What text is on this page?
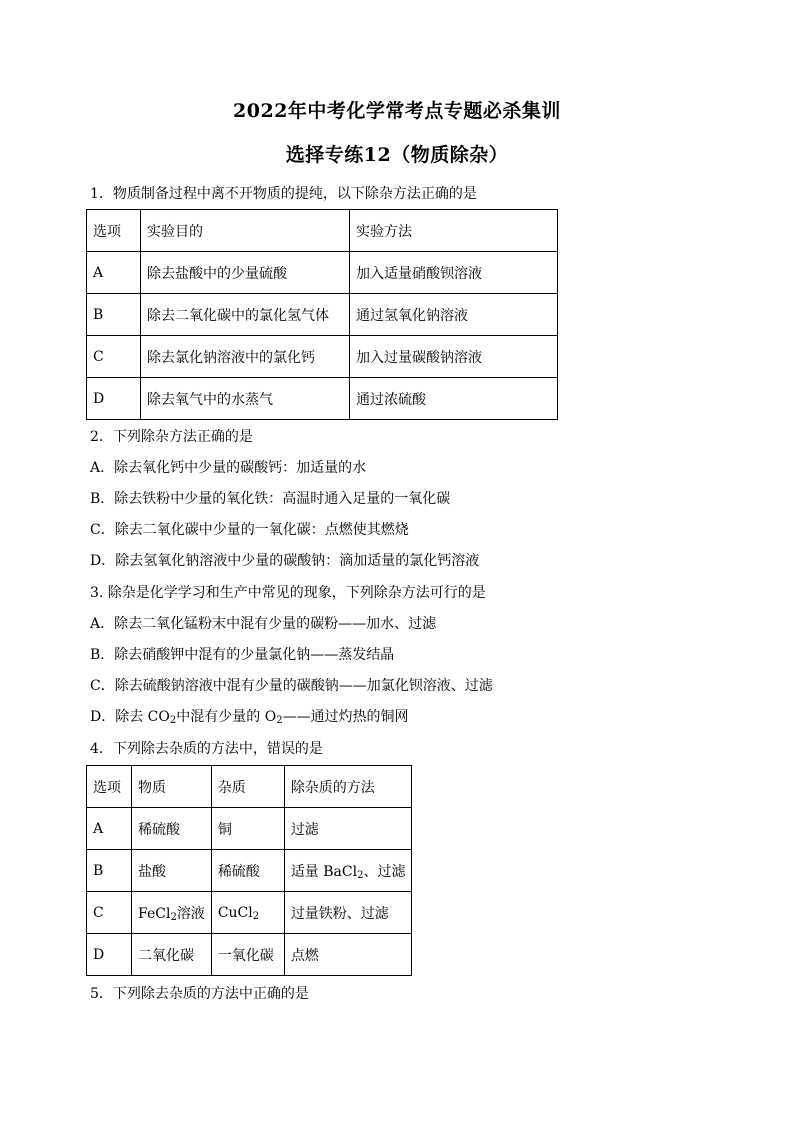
2022年中考化学常考点专题必杀集训
选择专练12（物质除杂）
1．物质制备过程中离不开物质的提纯，以下除杂方法正确的是
选项	实验目的	实验方法
A	除去盐酸中的少量硫酸	加入适量硝酸钡溶液
B	除去二氧化碳中的氯化氢气体	通过氢氧化钠溶液
C	除去氯化钠溶液中的氯化钙	加入过量碳酸钠溶液
D	除去氧气中的水蒸气	通过浓硫酸
2．下列除杂方法正确的是
A．除去氧化钙中少量的碳酸钙：加适量的水
B．除去铁粉中少量的氧化铁：高温时通入足量的一氧化碳
C．除去二氧化碳中少量的一氧化碳：点燃使其燃烧
D．除去氢氧化钠溶液中少量的碳酸钠：滴加适量的氯化钙溶液
3. 除杂是化学学习和生产中常见的现象，下列除杂方法可行的是
A．除去二氧化锰粉末中混有少量的碳粉——加水、过滤
B．除去硝酸钾中混有的少量氯化钠——蒸发结晶
C．除去硫酸钠溶液中混有少量的碳酸钠——加氯化钡溶液、过滤
D．除去 $CO_2$中混有少量的 $O_2——$通过灼热的铜网
4．下列除去杂质的方法中，错误的是
选项	物质	杂质	除杂质的方法
A	稀硫酸	铜	过滤
B	盐酸	稀硫酸	适量 BaCl$_2$、过滤
C	FeCl$_2$溶液	CuCl$_2$	过量铁粉、过滤
D	二氧化碳	一氧化碳	点燃
5．下列除去杂质的方法中正确的是
